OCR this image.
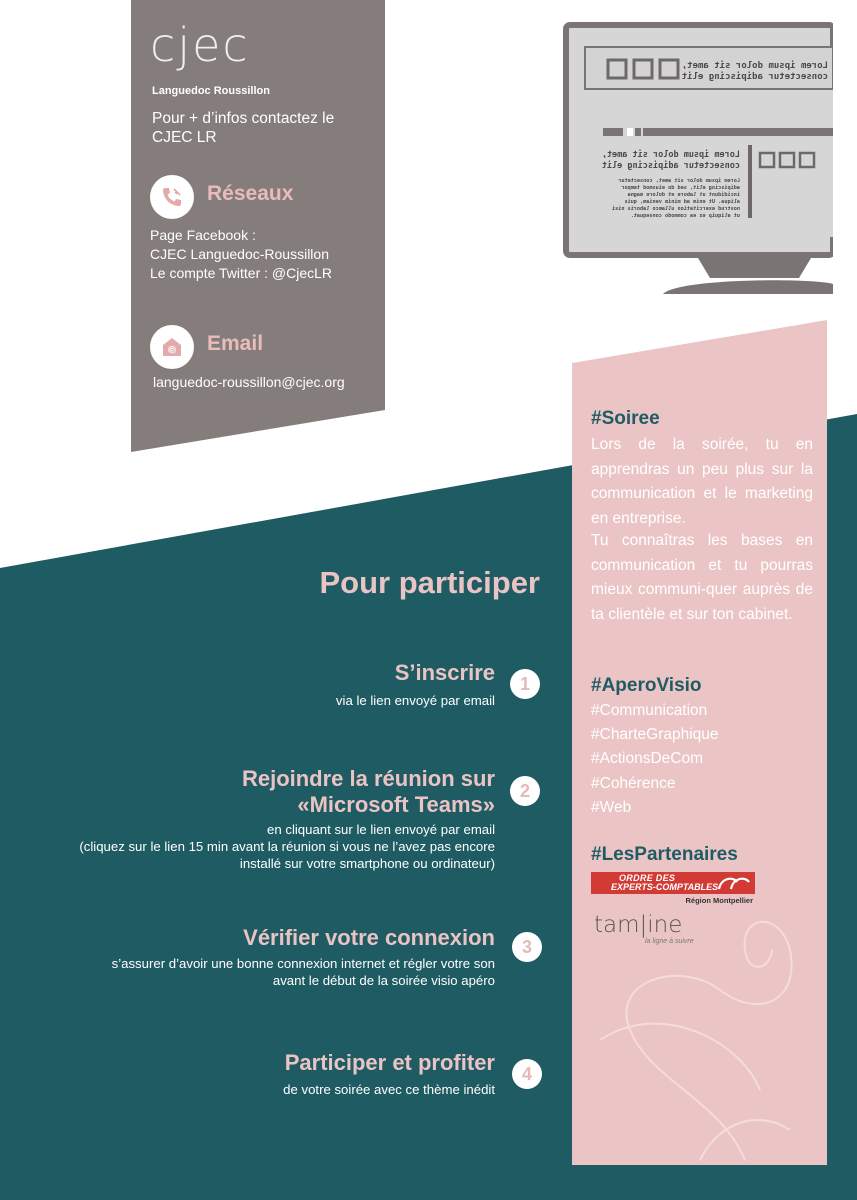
cjec
Languedoc Roussillon
Pour + d’infos contactez le CJEC LR
Réseaux
Page Facebook :
CJEC Languedoc-Roussillon
Le compte Twitter : @CjecLR
@ Email
languedoc-roussillon@cjec.org
Lorem ipsum dolor sit amet,
consectetur adipiscing elit
Lorem ipsum dolor sit amet,
consectetur adipiscing elit
Lorem ipsum dolor sit amet, consectetur
adipiscing elit, sed do eiusmod tempor
incididunt ut labore et dolore magna
aliqua. Ut enim ad minim veniam, quis
nostrud exercitation ullamco laboris nisi
ut aliquip ex ea commodo consequat.
#Soiree
Lors de la soirée, tu en apprendras un peu plus sur la communication et le marketing en entreprise.
Tu connaîtras les bases en communication et tu pourras mieux communi-quer auprès de ta clientèle et sur ton cabinet.
#AperoVisio
#Communication
#CharteGraphique
#ActionsDeCom
#Cohérence
#Web
#LesPartenaires
ORDRE DES
EXPERTS-COMPTABLES
Région Montpellier
tam|ine
la ligne à suivre
Pour participer
S’inscrire
via le lien envoyé par email
1
Rejoindre la réunion sur
«Microsoft Teams»
en cliquant sur le lien envoyé par email
(cliquez sur le lien 15 min avant la réunion si vous ne l’avez pas encore
installé sur votre smartphone ou ordinateur)
2
Vérifier votre connexion
s’assurer d’avoir une bonne connexion internet et régler votre son
avant le début de la soirée visio apéro
3
Participer et profiter
de votre soirée avec ce thème inédit
4
